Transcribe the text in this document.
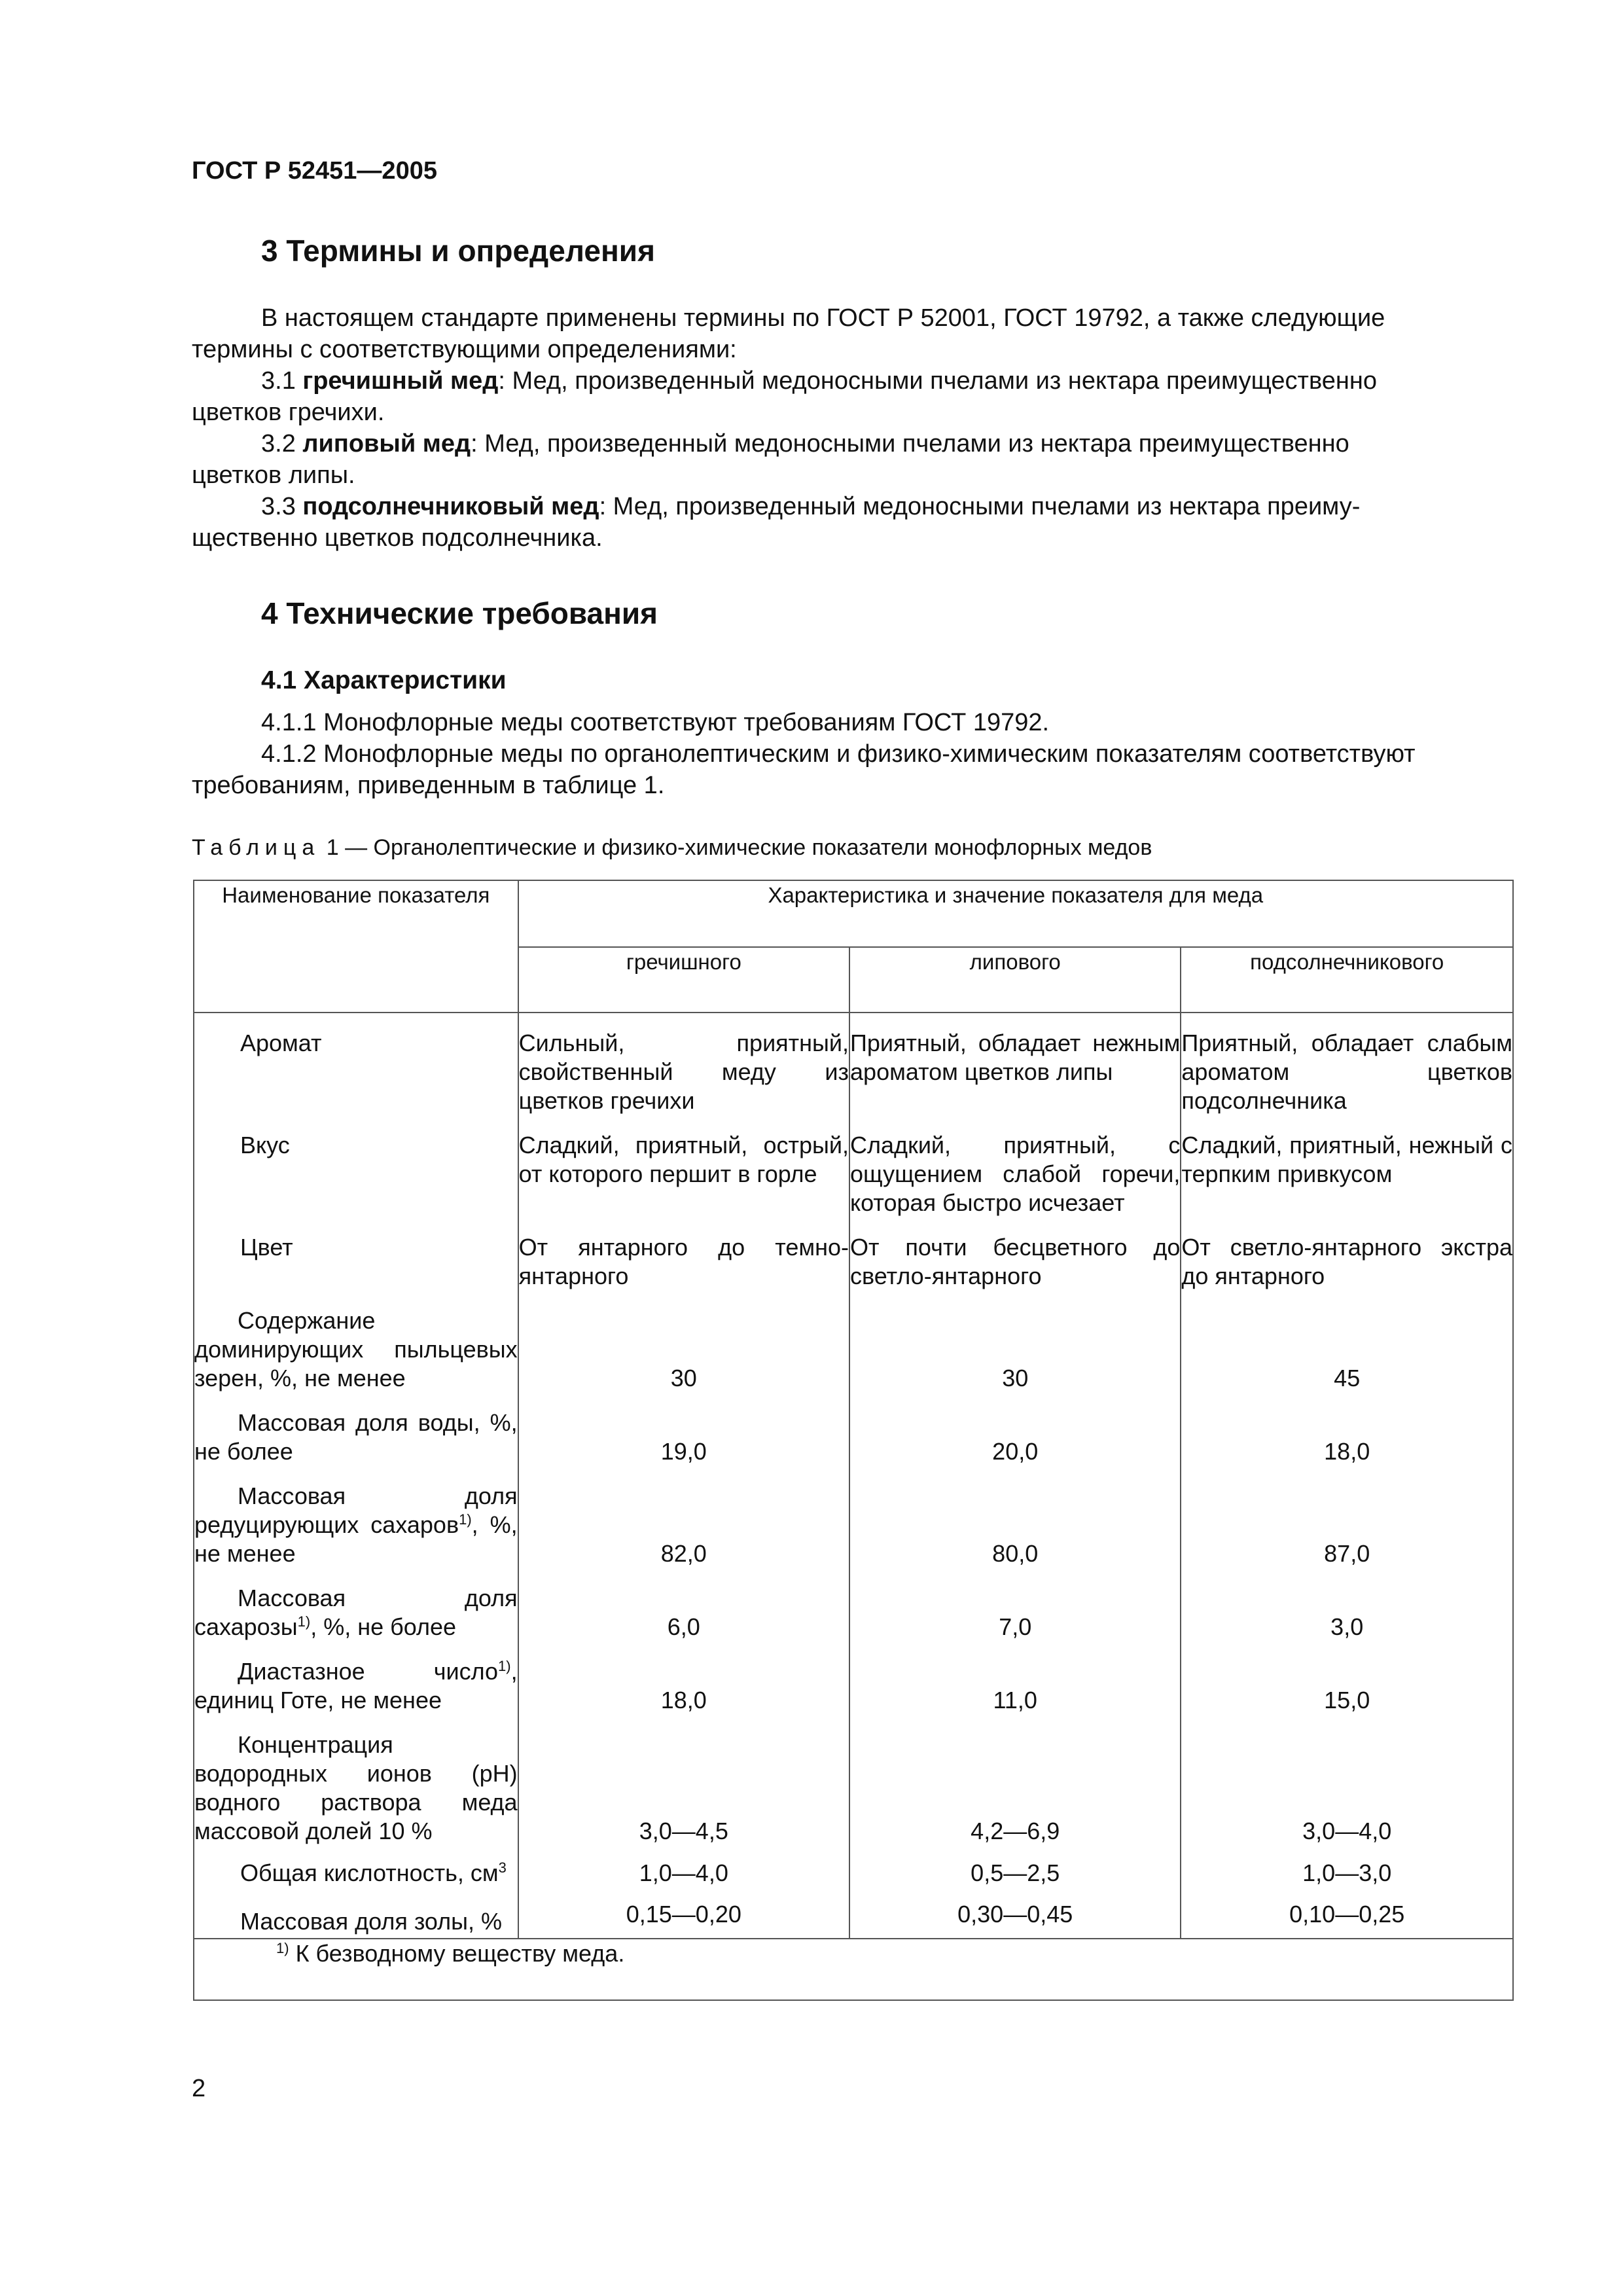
ГОСТ Р 52451—2005
3 Термины и определения
В настоящем стандарте применены термины по ГОСТ Р 52001, ГОСТ 19792, а также следующие
термины с соответствующими определениями:
3.1 гречишный мед: Мед, произведенный медоносными пчелами из нектара преимущественно
цветков гречихи.
3.2 липовый мед: Мед, произведенный медоносными пчелами из нектара преимущественно
цветков липы.
3.3 подсолнечниковый мед: Мед, произведенный медоносными пчелами из нектара преиму-
щественно цветков подсолнечника.
4 Технические требования
4.1 Характеристики
4.1.1 Монофлорные меды соответствуют требованиям ГОСТ 19792.
4.1.2 Монофлорные меды по органолептическим и физико-химическим показателям соответствуют
требованиям, приведенным в таблице 1.
Таблица 1 — Органолептические и физико-химические показатели монофлорных медов
Наименование показателя	Характеристика и значение показателя для меда		
	гречишного	липового	подсолнечникового
Аромат	Сильный, приятный, свойственный меду из цветков гречихи	Приятный, обладает нежным ароматом цветков липы	Приятный, обладает слабым ароматом цветков подсолнечника
Вкус	Сладкий, приятный, острый, от которого першит в горле	Сладкий, приятный, с ощущением слабой горечи, которая быстро исчезает	Сладкий, приятный, нежный с терпким привкусом
Цвет	От янтарного до темно-янтарного	От почти бесцветного до светло-янтарного	От светло-янтарного экстра до янтарного
Содержание доминирующих пыльцевых зерен, %, не менее	30	30	45
Массовая доля воды, %, не более	19,0	20,0	18,0
Массовая доля редуцирующих сахаров$^{1)}$, %, не менее	82,0	80,0	87,0
Массовая доля сахарозы$^{1)}$, %, не более	6,0	7,0	3,0
Диастазное число$^{1)}$, единиц Готе, не менее	18,0	11,0	15,0
Концентрация водородных ионов (pH) водного раствора меда массовой долей 10 %	3,0—4,5	4,2—6,9	3,0—4,0
Общая кислотность, $см^3$	1,0—4,0	0,5—2,5	1,0—3,0
Массовая доля золы, %	0,15—0,20	0,30—0,45	0,10—0,25
$^{1)}$ К безводному веществу меда.			
2
